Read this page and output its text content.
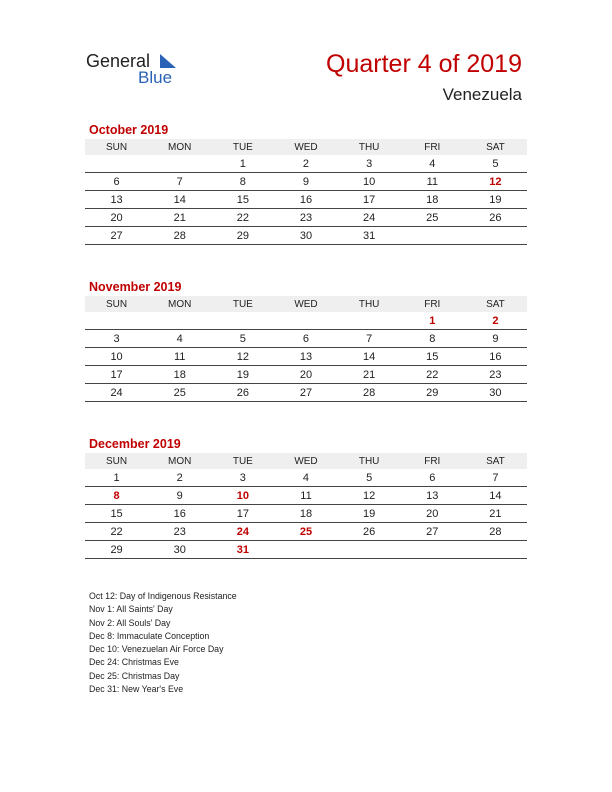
General
Blue	Quarter 4 of 2019
Venezuela
October 2019
SUN	MON	TUE	WED	THU	FRI	SAT
		1	2	3	4	5
6	7	8	9	10	11	12
13	14	15	16	17	18	19
20	21	22	23	24	25	26
27	28	29	30	31		
November 2019
SUN	MON	TUE	WED	THU	FRI	SAT
					1	2
3	4	5	6	7	8	9
10	11	12	13	14	15	16
17	18	19	20	21	22	23
24	25	26	27	28	29	30
December 2019
SUN	MON	TUE	WED	THU	FRI	SAT
1	2	3	4	5	6	7
8	9	10	11	12	13	14
15	16	17	18	19	20	21
22	23	24	25	26	27	28
29	30	31				
Oct 12: Day of Indigenous Resistance
Nov 1: All Saints' Day
Nov 2: All Souls' Day
Dec 8: Immaculate Conception
Dec 10: Venezuelan Air Force Day
Dec 24: Christmas Eve
Dec 25: Christmas Day
Dec 31: New Year's Eve
